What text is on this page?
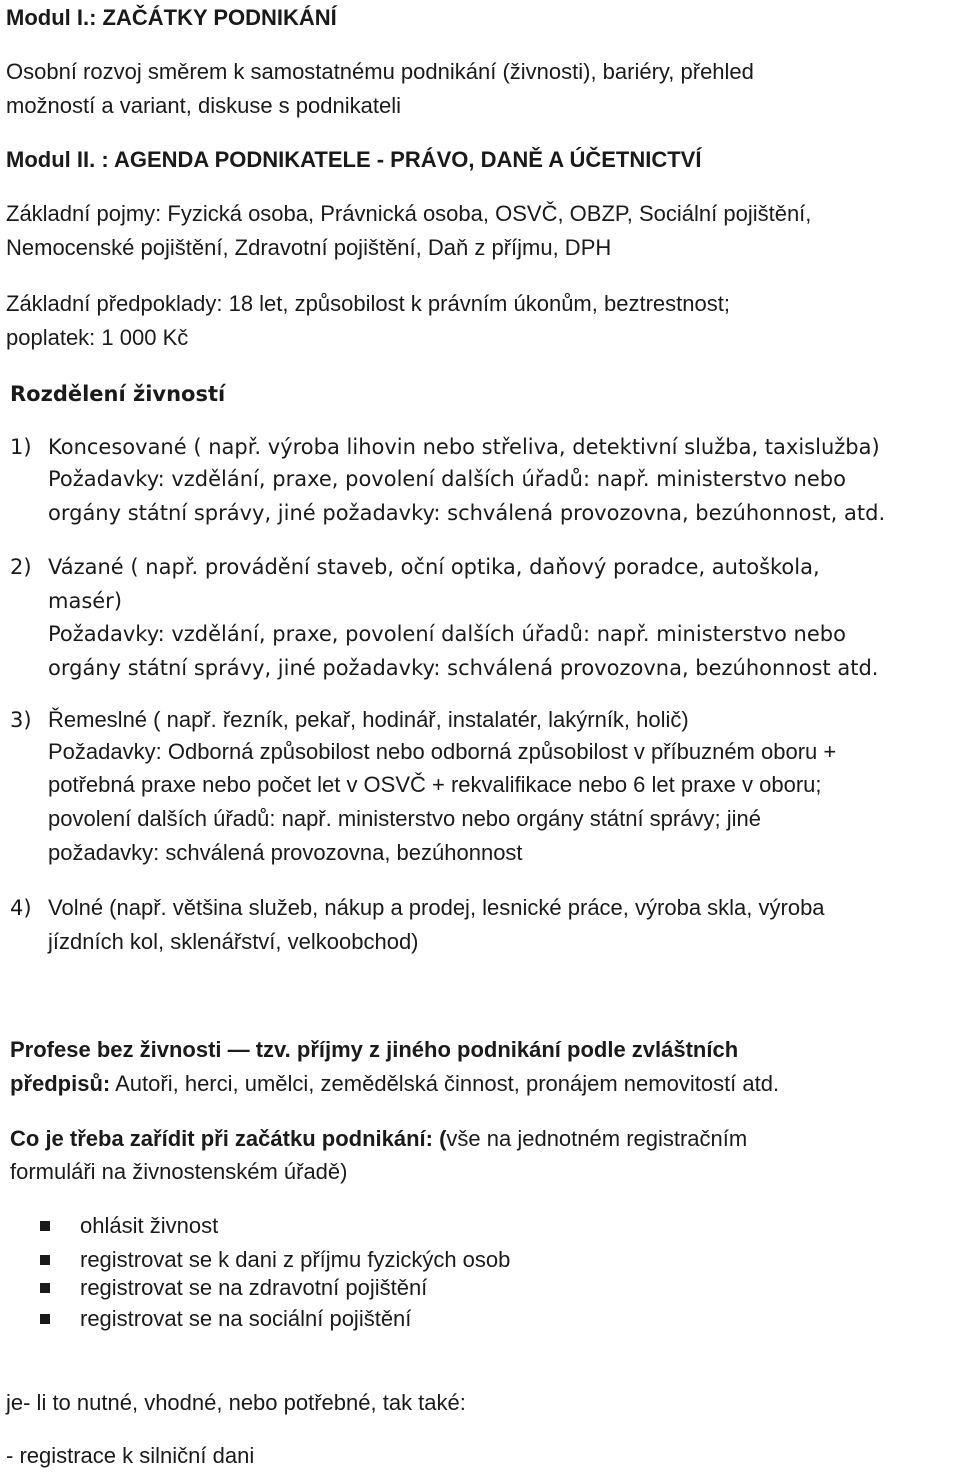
Modul I.: ZAČÁTKY PODNIKÁNÍ
Osobní rozvoj směrem k samostatnému podnikání (živnosti), bariéry, přehled
možností a variant, diskuse s podnikateli
Modul II. : AGENDA PODNIKATELE - PRÁVO, DANĚ A ÚČETNICTVÍ
Základní pojmy: Fyzická osoba, Právnická osoba, OSVČ, OBZP, Sociální pojištění,
Nemocenské pojištění, Zdravotní pojištění, Daň z příjmu, DPH
Základní předpoklady: 18 let, způsobilost k právním úkonům, beztrestnost;
poplatek: 1 000 Kč
Rozdělení živností
1) Koncesované ( např. výroba lihovin nebo střeliva, detektivní služba, taxislužba)
Požadavky: vzdělání, praxe, povolení dalších úřadů: např. ministerstvo nebo
orgány státní správy, jiné požadavky: schválená provozovna, bezúhonnost, atd.
2) Vázané ( např. provádění staveb, oční optika, daňový poradce, autoškola,
masér)
Požadavky: vzdělání, praxe, povolení dalších úřadů: např. ministerstvo nebo
orgány státní správy, jiné požadavky: schválená provozovna, bezúhonnost atd.
3) Řemeslné ( např. řezník, pekař, hodinář, instalatér, lakýrník, holič)
Požadavky: Odborná způsobilost nebo odborná způsobilost v příbuzném oboru +
potřebná praxe nebo počet let v OSVČ + rekvalifikace nebo 6 let praxe v oboru;
povolení dalších úřadů: např. ministerstvo nebo orgány státní správy; jiné
požadavky: schválená provozovna, bezúhonnost
4) Volné (např. většina služeb, nákup a prodej, lesnické práce, výroba skla, výroba
jízdních kol, sklenářství, velkoobchod)
Profese bez živnosti — tzv. příjmy z jiného podnikání podle zvláštních
předpisů: Autoři, herci, umělci, zemědělská činnost, pronájem nemovitostí atd.
Co je třeba zařídit při začátku podnikání: (vše na jednotném registračním
formuláři na živnostenském úřadě)
ohlásit živnost
registrovat se k dani z příjmu fyzických osob
registrovat se na zdravotní pojištění
registrovat se na sociální pojištění
je- li to nutné, vhodné, nebo potřebné, tak také:
- registrace k silniční dani
